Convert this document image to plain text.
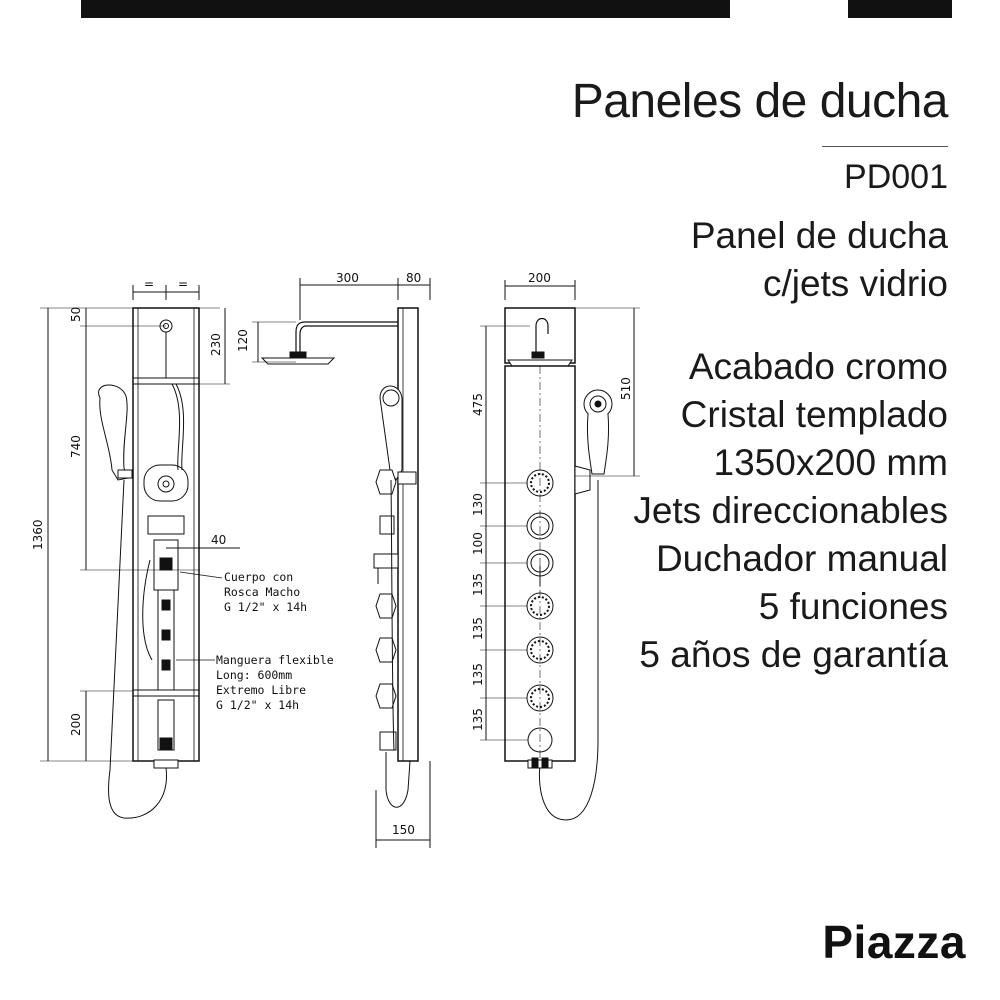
Paneles de ducha
PD001
Panel de ducha
c/jets vidrio
Acabado cromo
Cristal templado
1350x200 mm
Jets direccionables
Duchador manual
5 funciones
5 años de garantía
= =
50
230
740
1360	40
200
Cuerpo con
Rosca Macho
G 1/2" x 14h
Manguera flexible
Long: 600mm
Extremo Libre
G 1/2" x 14h
300	80
120
150
200
510
475
130
100
135
135
135
135
Piazza
